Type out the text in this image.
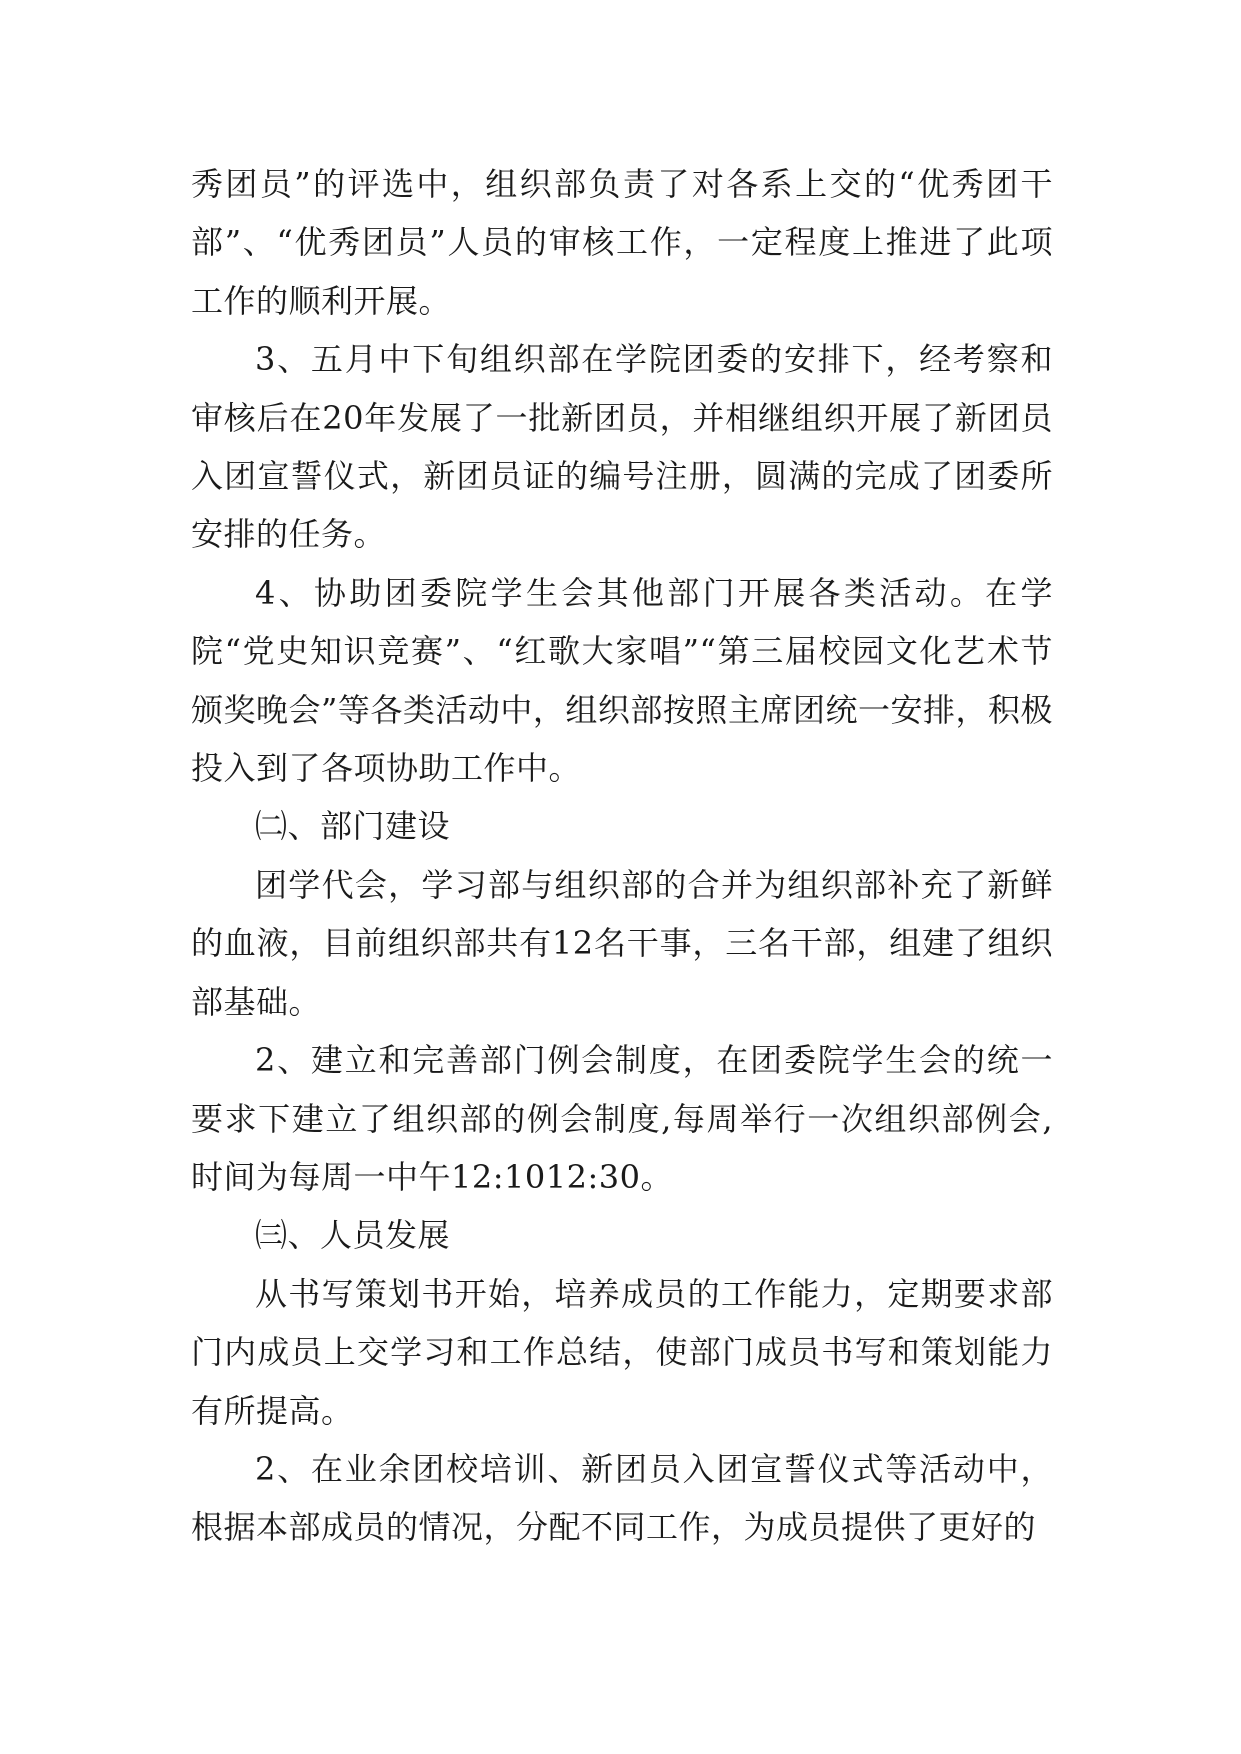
秀团员”的评选中，组织部负责了对各系上交的“优秀团干部”、“优秀团员”人员的审核工作，一定程度上推进了此项工作的顺利开展。

3、五月中下旬组织部在学院团委的安排下，经考察和审核后在20年发展了一批新团员，并相继组织开展了新团员入团宣誓仪式，新团员证的编号注册，圆满的完成了团委所安排的任务。

4、协助团委院学生会其他部门开展各类活动。在学院“党史知识竞赛”、“红歌大家唱”“第三届校园文化艺术节颁奖晚会”等各类活动中，组织部按照主席团统一安排，积极投入到了各项协助工作中。

㈡、部门建设

团学代会，学习部与组织部的合并为组织部补充了新鲜的血液，目前组织部共有12名干事，三名干部，组建了组织部基础。

2、建立和完善部门例会制度，在团委院学生会的统一要求下建立了组织部的例会制度,每周举行一次组织部例会,时间为每周一中午12:1012:30。

㈢、人员发展

从书写策划书开始，培养成员的工作能力，定期要求部门内成员上交学习和工作总结，使部门成员书写和策划能力有所提高。

2、在业余团校培训、新团员入团宣誓仪式等活动中，根据本部成员的情况，分配不同工作，为成员提供了更好的
